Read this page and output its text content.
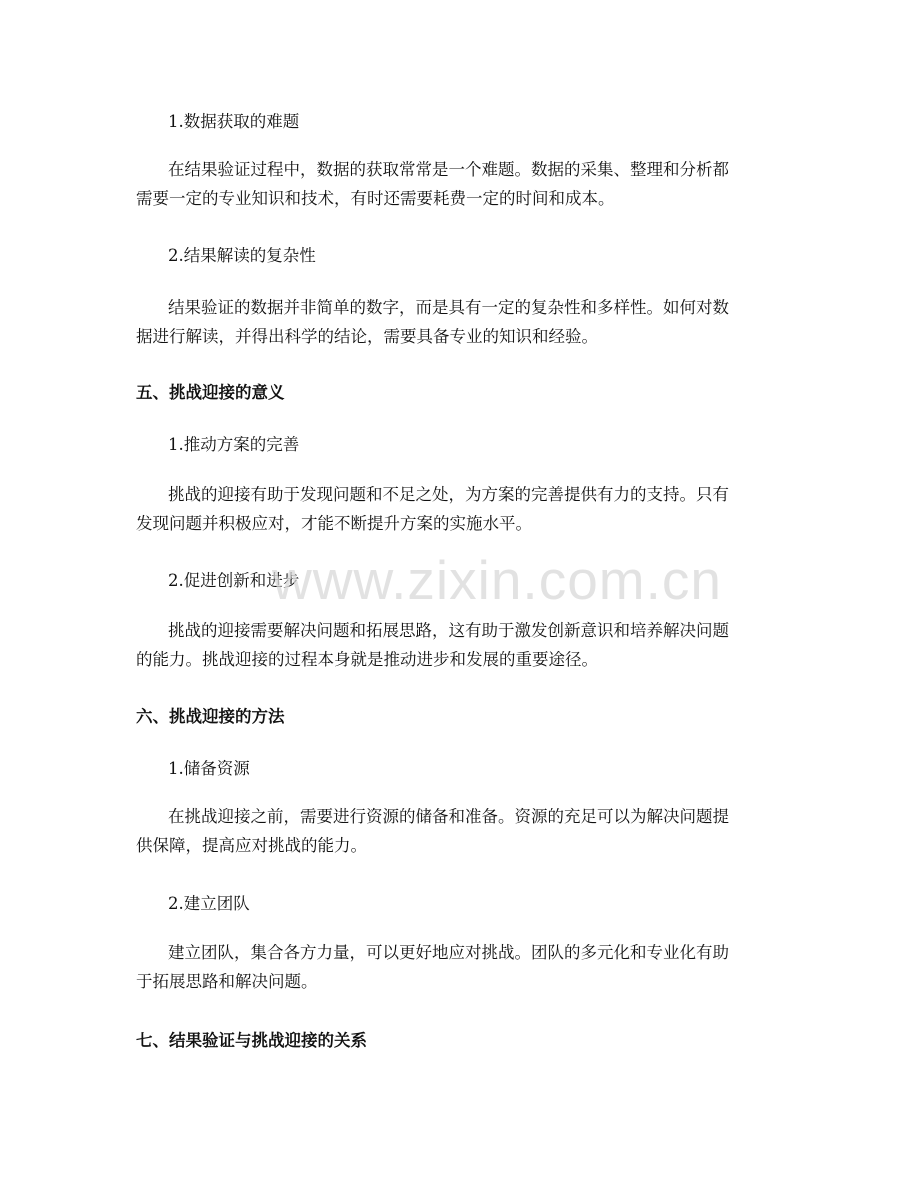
1.数据获取的难题

在结果验证过程中，数据的获取常常是一个难题。数据的采集、整理和分析都
需要一定的专业知识和技术，有时还需要耗费一定的时间和成本。

2.结果解读的复杂性

结果验证的数据并非简单的数字，而是具有一定的复杂性和多样性。如何对数
据进行解读，并得出科学的结论，需要具备专业的知识和经验。

五、挑战迎接的意义
1.推动方案的完善

挑战的迎接有助于发现问题和不足之处，为方案的完善提供有力的支持。只有
发现问题并积极应对，才能不断提升方案的实施水平。

2.促进创新和进步

挑战的迎接需要解决问题和拓展思路，这有助于激发创新意识和培养解决问题
的能力。挑战迎接的过程本身就是推动进步和发展的重要途径。

六、挑战迎接的方法
1.储备资源

在挑战迎接之前，需要进行资源的储备和准备。资源的充足可以为解决问题提
供保障，提高应对挑战的能力。

2.建立团队

建立团队，集合各方力量，可以更好地应对挑战。团队的多元化和专业化有助
于拓展思路和解决问题。

七、结果验证与挑战迎接的关系
www.zixin.com.cn
